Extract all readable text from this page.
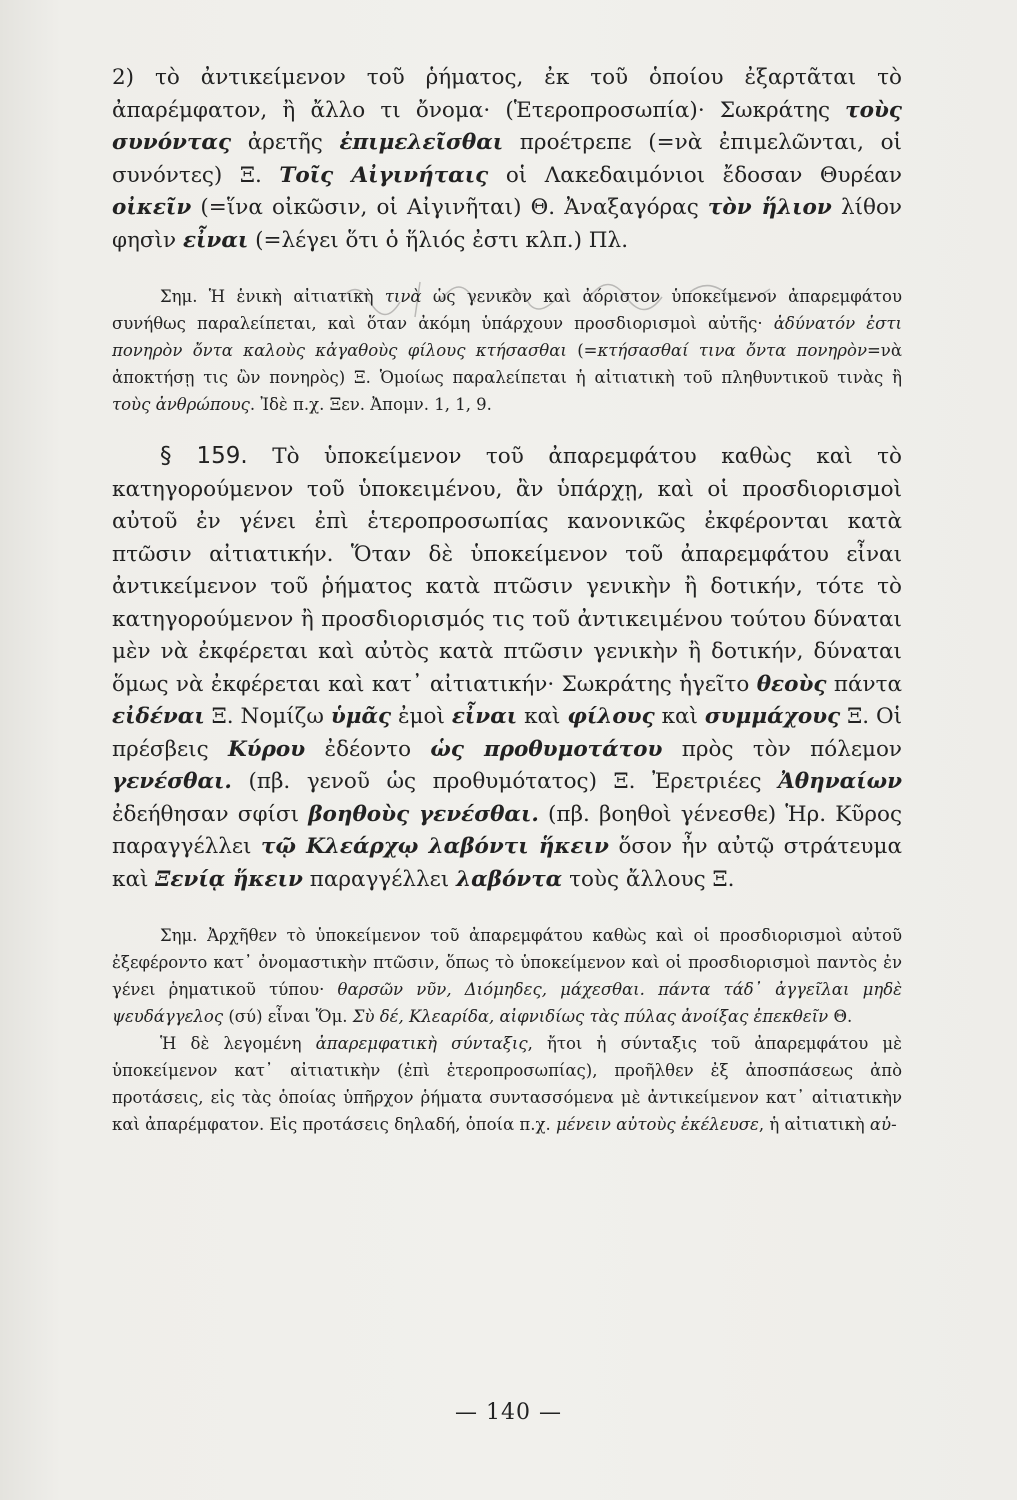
2) τὸ ἀντικείμενον τοῦ ῥήματος, ἐκ τοῦ ὁποίου ἐξαρτᾶται τὸ ἀπαρέμφατον, ἢ ἄλλο τι ὄνομα· (Ἑτεροπροσωπία)· Σωκράτης τοὺς συνόντας ἀρετῆς ἐπιμελεῖσθαι προέτρεπε (=νὰ ἐπιμελῶνται, οἱ συνόντες) Ξ. Τοῖς Αἰγινήταις οἱ Λακεδαιμόνιοι ἔδοσαν Θυρέαν οἰκεῖν (=ἵνα οἰκῶσιν, οἱ Αἰγινῆται) Θ. Ἀναξαγόρας τὸν ἥλιον λίθον φησὶν εἶναι (=λέγει ὅτι ὁ ἥλιός ἐστι κλπ.) Πλ.

Σημ. Ἡ ἑνικὴ αἰτιατικὴ τινὰ ὡς γενικὸν καὶ ἀόριστον ὑποκείμενον ἀπαρεμφάτου συνήθως παραλείπεται, καὶ ὅταν ἀκόμη ὑπάρχουν προσδιορισμοὶ αὐτῆς· ἀδύνατόν ἐστι πονηρὸν ὄντα καλοὺς κἀγαθοὺς φίλους κτήσασθαι (=κτήσασθαί τινα ὄντα πονηρὸν=νὰ ἀποκτήσῃ τις ὢν πονηρὸς) Ξ. Ὁμοίως παραλείπεται ἡ αἰτιατικὴ τοῦ πληθυντικοῦ τινὰς ἢ τοὺς ἀνθρώπους. Ἰδὲ π.χ. Ξεν. Ἀπομν. 1, 1, 9.

§ 159. Τὸ ὑποκείμενον τοῦ ἀπαρεμφάτου καθὼς καὶ τὸ κατηγορούμενον τοῦ ὑποκειμένου, ἂν ὑπάρχῃ, καὶ οἱ προσδιορισμοὶ αὐτοῦ ἐν γένει ἐπὶ ἑτεροπροσωπίας κανονικῶς ἐκφέρονται κατὰ πτῶσιν αἰτιατικήν. Ὅταν δὲ ὑποκείμενον τοῦ ἀπαρεμφάτου εἶναι ἀντικείμενον τοῦ ῥήματος κατὰ πτῶσιν γενικὴν ἢ δοτικήν, τότε τὸ κατηγορούμενον ἢ προσδιορισμός τις τοῦ ἀντικειμένου τούτου δύναται μὲν νὰ ἐκφέρεται καὶ αὐτὸς κατὰ πτῶσιν γενικὴν ἢ δοτικήν, δύναται ὅμως νὰ ἐκφέρεται καὶ κατ᾽ αἰτιατικήν· Σωκράτης ἡγεῖτο θεοὺς πάντα εἰδέναι Ξ. Νομίζω ὑμᾶς ἐμοὶ εἶναι καὶ φίλους καὶ συμμάχους Ξ. Οἱ πρέσβεις Κύρου ἐδέοντο ὡς προθυμοτάτου πρὸς τὸν πόλεμον γενέσθαι. (πβ. γενοῦ ὡς προθυμότατος) Ξ. Ἐρετριέες Ἀθηναίων ἐδεήθησαν σφίσι βοηθοὺς γενέσθαι. (πβ. βοηθοὶ γένεσθε) Ἡρ. Κῦρος παραγγέλλει τῷ Κλεάρχῳ λαβόντι ἥκειν ὅσον ἦν αὐτῷ στράτευμα καὶ Ξενίᾳ ἥκειν παραγγέλλει λαβόντα τοὺς ἄλλους Ξ.

Σημ. Ἀρχῆθεν τὸ ὑποκείμενον τοῦ ἀπαρεμφάτου καθὼς καὶ οἱ προσδιορισμοὶ αὐτοῦ ἐξεφέροντο κατ᾽ ὀνομαστικὴν πτῶσιν, ὅπως τὸ ὑποκείμενον καὶ οἱ προσδιορισμοὶ παντὸς ἐν γένει ῥηματικοῦ τύπου· θαρσῶν νῦν, Διόμηδες, μάχεσθαι. πάντα τάδ᾽ ἀγγεῖλαι μηδὲ ψευδάγγελος (σύ) εἶναι Ὅμ. Σὺ δέ, Κλεαρίδα, αἰφνιδίως τὰς πύλας ἀνοίξας ἐπεκθεῖν Θ.

Ἡ δὲ λεγομένη ἀπαρεμφατικὴ σύνταξις, ἤτοι ἡ σύνταξις τοῦ ἀπαρεμφάτου μὲ ὑποκείμενον κατ᾽ αἰτιατικὴν (ἐπὶ ἑτεροπροσωπίας), προῆλθεν ἐξ ἀποσπάσεως ἀπὸ προτάσεις, εἰς τὰς ὁποίας ὑπῆρχον ῥήματα συντασσόμενα μὲ ἀντικείμενον κατ᾽ αἰτιατικὴν καὶ ἀπαρέμφατον. Εἰς προτάσεις δηλαδή, ὁποία π.χ. μένειν αὐτοὺς ἐκέλευσε, ἡ αἰτιατικὴ αὐ-

— 140 —
